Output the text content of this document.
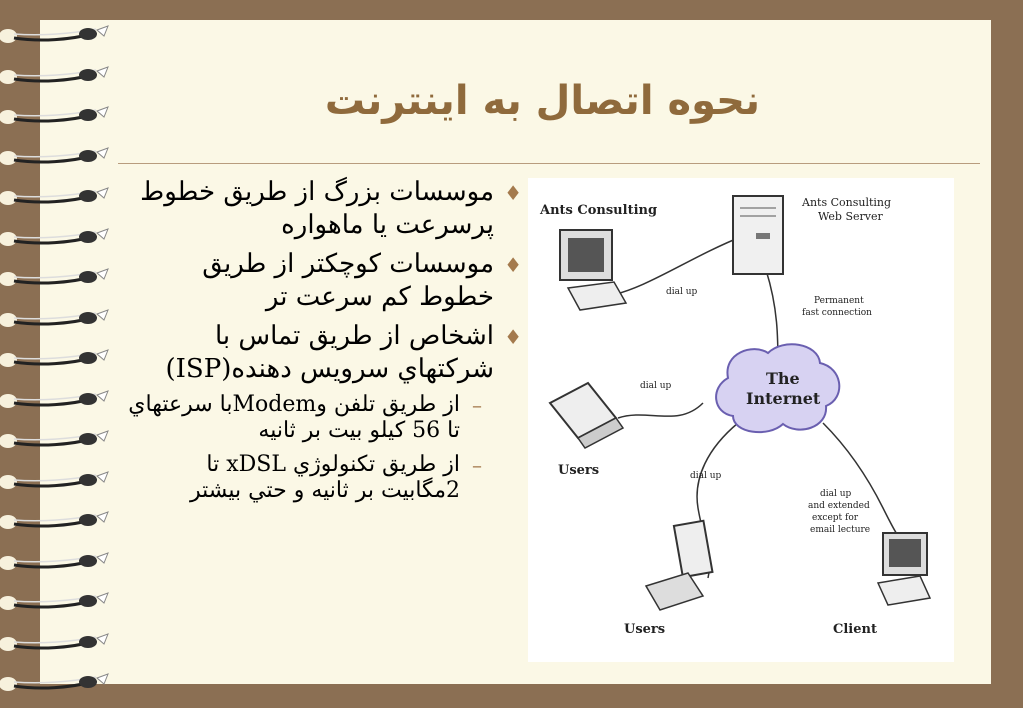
نحوه اتصال به اينترنت
♦
موسسات بزرگ از طريق خطوط پرسرعت يا ماهواره
♦
موسسات کوچکتر از طريق خطوط کم سرعت تر
♦
اشخاص از طريق تماس با شرکتهاي سرويس دهنده(ISP)
–
از طريق تلفن وModemبا سرعتهاي تا 56 کيلو بيت بر ثانيه
–
از طريق تکنولوژي xDSL تا 2مگابيت بر ثانيه و حتي بيشتر
Ants Consulting
Ants Consulting
Web Server
dial up
Permanent
fast connection
The
Internet
dial up
dial up
Users
Users	Client
dial up
and extended
except for
email lecture
